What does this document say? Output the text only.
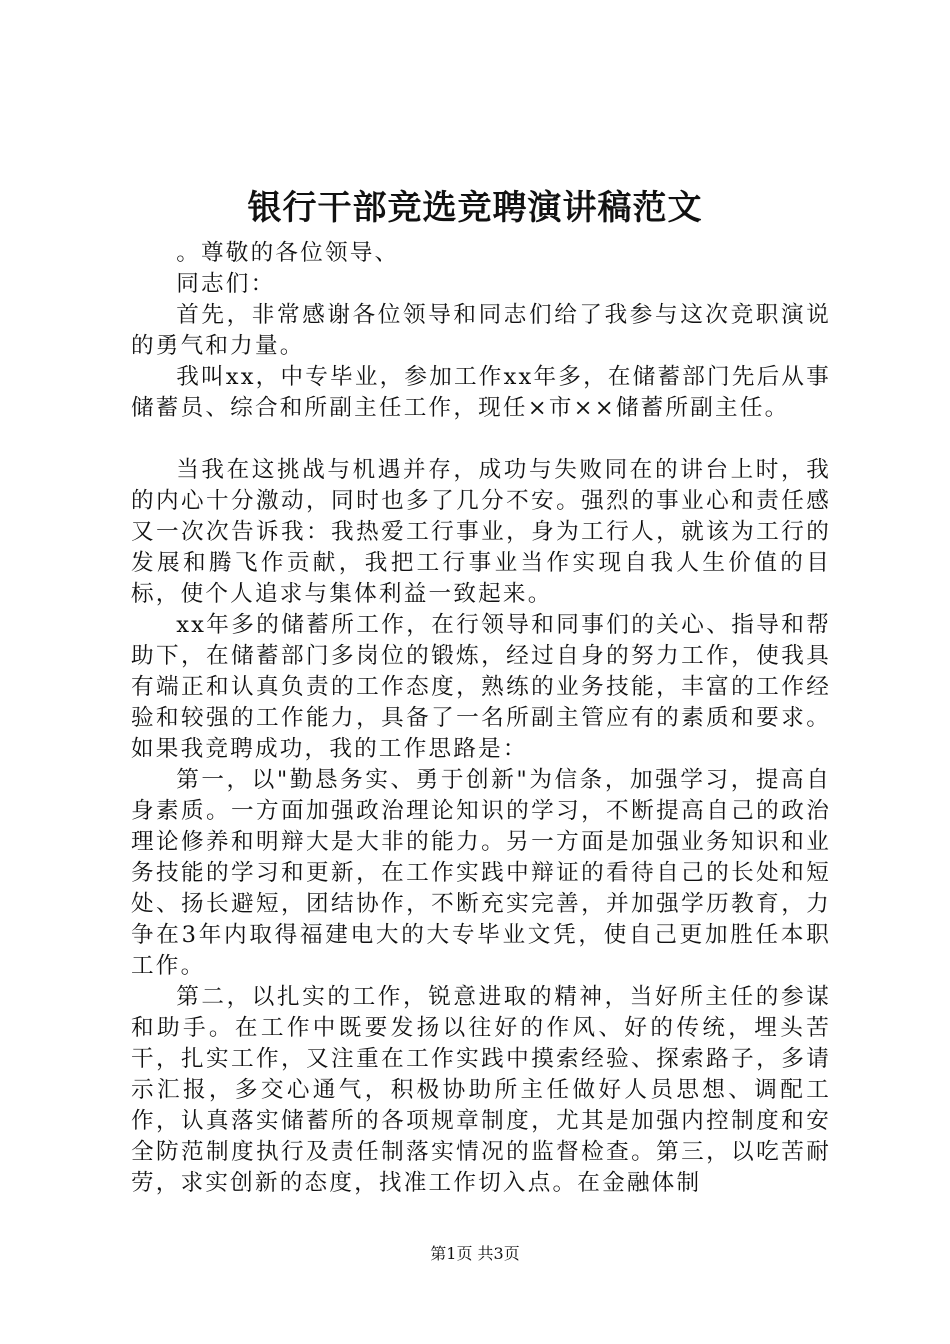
银行干部竞选竞聘演讲稿范文

。尊敬的各位领导、

同志们：

首先，非常感谢各位领导和同志们给了我参与这次竞职演说的勇气和力量。

我叫xx，中专毕业，参加工作xx年多，在储蓄部门先后从事储蓄员、综合和所副主任工作，现任×市××储蓄所副主任。

当我在这挑战与机遇并存，成功与失败同在的讲台上时，我的内心十分激动，同时也多了几分不安。强烈的事业心和责任感又一次次告诉我：我热爱工行事业，身为工行人，就该为工行的发展和腾飞作贡献，我把工行事业当作实现自我人生价值的目标，使个人追求与集体利益一致起来。

xx年多的储蓄所工作，在行领导和同事们的关心、指导和帮助下，在储蓄部门多岗位的锻炼，经过自身的努力工作，使我具有端正和认真负责的工作态度，熟练的业务技能，丰富的工作经验和较强的工作能力，具备了一名所副主管应有的素质和要求。如果我竞聘成功，我的工作思路是：

第一，以"勤恳务实、勇于创新"为信条，加强学习，提高自身素质。一方面加强政治理论知识的学习，不断提高自己的政治理论修养和明辩大是大非的能力。另一方面是加强业务知识和业务技能的学习和更新，在工作实践中辩证的看待自己的长处和短处、扬长避短，团结协作，不断充实完善，并加强学历教育，力争在3年内取得福建电大的大专毕业文凭，使自己更加胜任本职工作。

第二，以扎实的工作，锐意进取的精神，当好所主任的参谋和助手。在工作中既要发扬以往好的作风、好的传统，埋头苦干，扎实工作，又注重在工作实践中摸索经验、探索路子，多请示汇报，多交心通气，积极协助所主任做好人员思想、调配工作，认真落实储蓄所的各项规章制度，尤其是加强内控制度和安全防范制度执行及责任制落实情况的监督检查。第三，以吃苦耐劳，求实创新的态度，找准工作切入点。在金融体制

第1页 共3页
